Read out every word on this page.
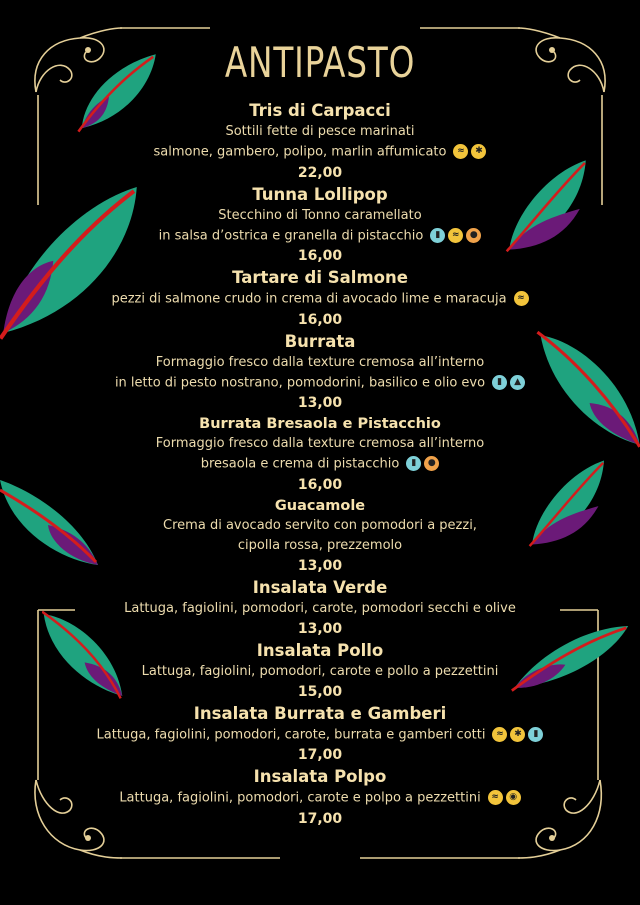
ANTIPASTO
Tris di Carpacci
Sottili fette di pesce marinati
salmone, gambero, polipo, marlin affumicato ≈ ✱
22,00
Tunna Lollipop
Stecchino di Tonno caramellato
in salsa d’ostrica e granella di pistacchio ▮ ≈ ●
16,00
Tartare di Salmone
pezzi di salmone crudo in crema di avocado lime e maracuja ≈
16,00
Burrata
Formaggio fresco dalla texture cremosa all’interno
in letto di pesto nostrano, pomodorini, basilico e olio evo ▮ ▲
13,00
Burrata Bresaola e Pistacchio
Formaggio fresco dalla texture cremosa all’interno
bresaola e crema di pistacchio ▮ ●
16,00
Guacamole
Crema di avocado servito con pomodori a pezzi,
cipolla rossa, prezzemolo
13,00
Insalata Verde
Lattuga, fagiolini, pomodori, carote, pomodori secchi e olive
13,00
Insalata Pollo
Lattuga, fagiolini, pomodori, carote e pollo a pezzettini
15,00
Insalata Burrata e Gamberi
Lattuga, fagiolini, pomodori, carote, burrata e gamberi cotti ≈ ✱ ▮
17,00
Insalata Polpo
Lattuga, fagiolini, pomodori, carote e polpo a pezzettini ≈ ◉
17,00
